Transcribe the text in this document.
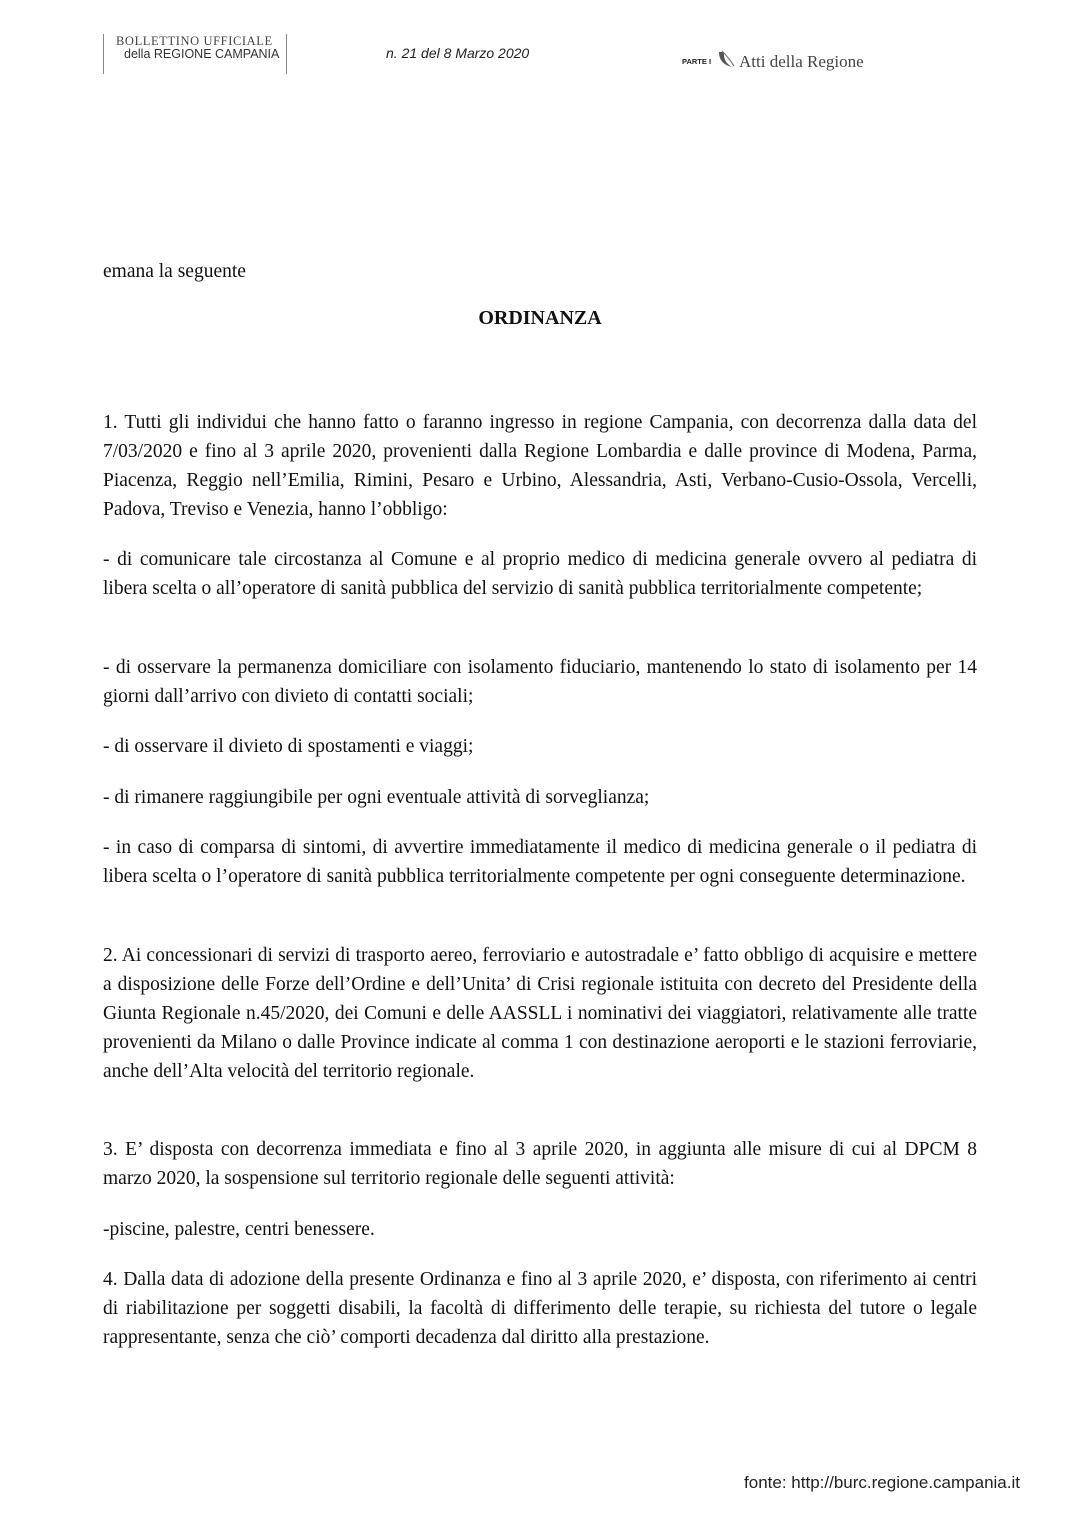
BOLLETTINO UFFICIALE
della REGIONE CAMPANIA	n. 21 del 8 Marzo 2020
PARTE I Atti della Regione
emana la seguente
ORDINANZA

1. Tutti gli individui che hanno fatto o faranno ingresso in regione Campania, con decorrenza dalla data del 7/03/2020 e fino al 3 aprile 2020, provenienti dalla Regione Lombardia e dalle province di Modena, Parma, Piacenza, Reggio nell’Emilia, Rimini, Pesaro e Urbino, Alessandria, Asti, Verbano-Cusio-Ossola, Vercelli, Padova, Treviso e Venezia, hanno l’obbligo:

- di comunicare tale circostanza al Comune e al proprio medico di medicina generale ovvero al pediatra di libera scelta o all’operatore di sanità pubblica del servizio di sanità pubblica territorialmente competente;

- di osservare la permanenza domiciliare con isolamento fiduciario, mantenendo lo stato di isolamento per 14 giorni dall’arrivo con divieto di contatti sociali;

- di osservare il divieto di spostamenti e viaggi;

- di rimanere raggiungibile per ogni eventuale attività di sorveglianza;

- in caso di comparsa di sintomi, di avvertire immediatamente il medico di medicina generale o il pediatra di libera scelta o l’operatore di sanità pubblica territorialmente competente per ogni conseguente determinazione.

2. Ai concessionari di servizi di trasporto aereo, ferroviario e autostradale e’ fatto obbligo di acquisire e mettere a disposizione delle Forze dell’Ordine e dell’Unita’ di Crisi regionale istituita con decreto del Presidente della Giunta Regionale n.45/2020, dei Comuni e delle AASSLL i nominativi dei viaggiatori, relativamente alle tratte provenienti da Milano o dalle Province indicate al comma 1 con destinazione aeroporti e le stazioni ferroviarie, anche dell’Alta velocità del territorio regionale.

3. E’ disposta con decorrenza immediata e fino al 3 aprile 2020, in aggiunta alle misure di cui al DPCM 8 marzo 2020, la sospensione sul territorio regionale delle seguenti attività:

-piscine, palestre, centri benessere.

4. Dalla data di adozione della presente Ordinanza e fino al 3 aprile 2020, e’ disposta, con riferimento ai centri di riabilitazione per soggetti disabili, la facoltà di differimento delle terapie, su richiesta del tutore o legale rappresentante, senza che ciò’ comporti decadenza dal diritto alla prestazione.

fonte: http://burc.regione.campania.it
